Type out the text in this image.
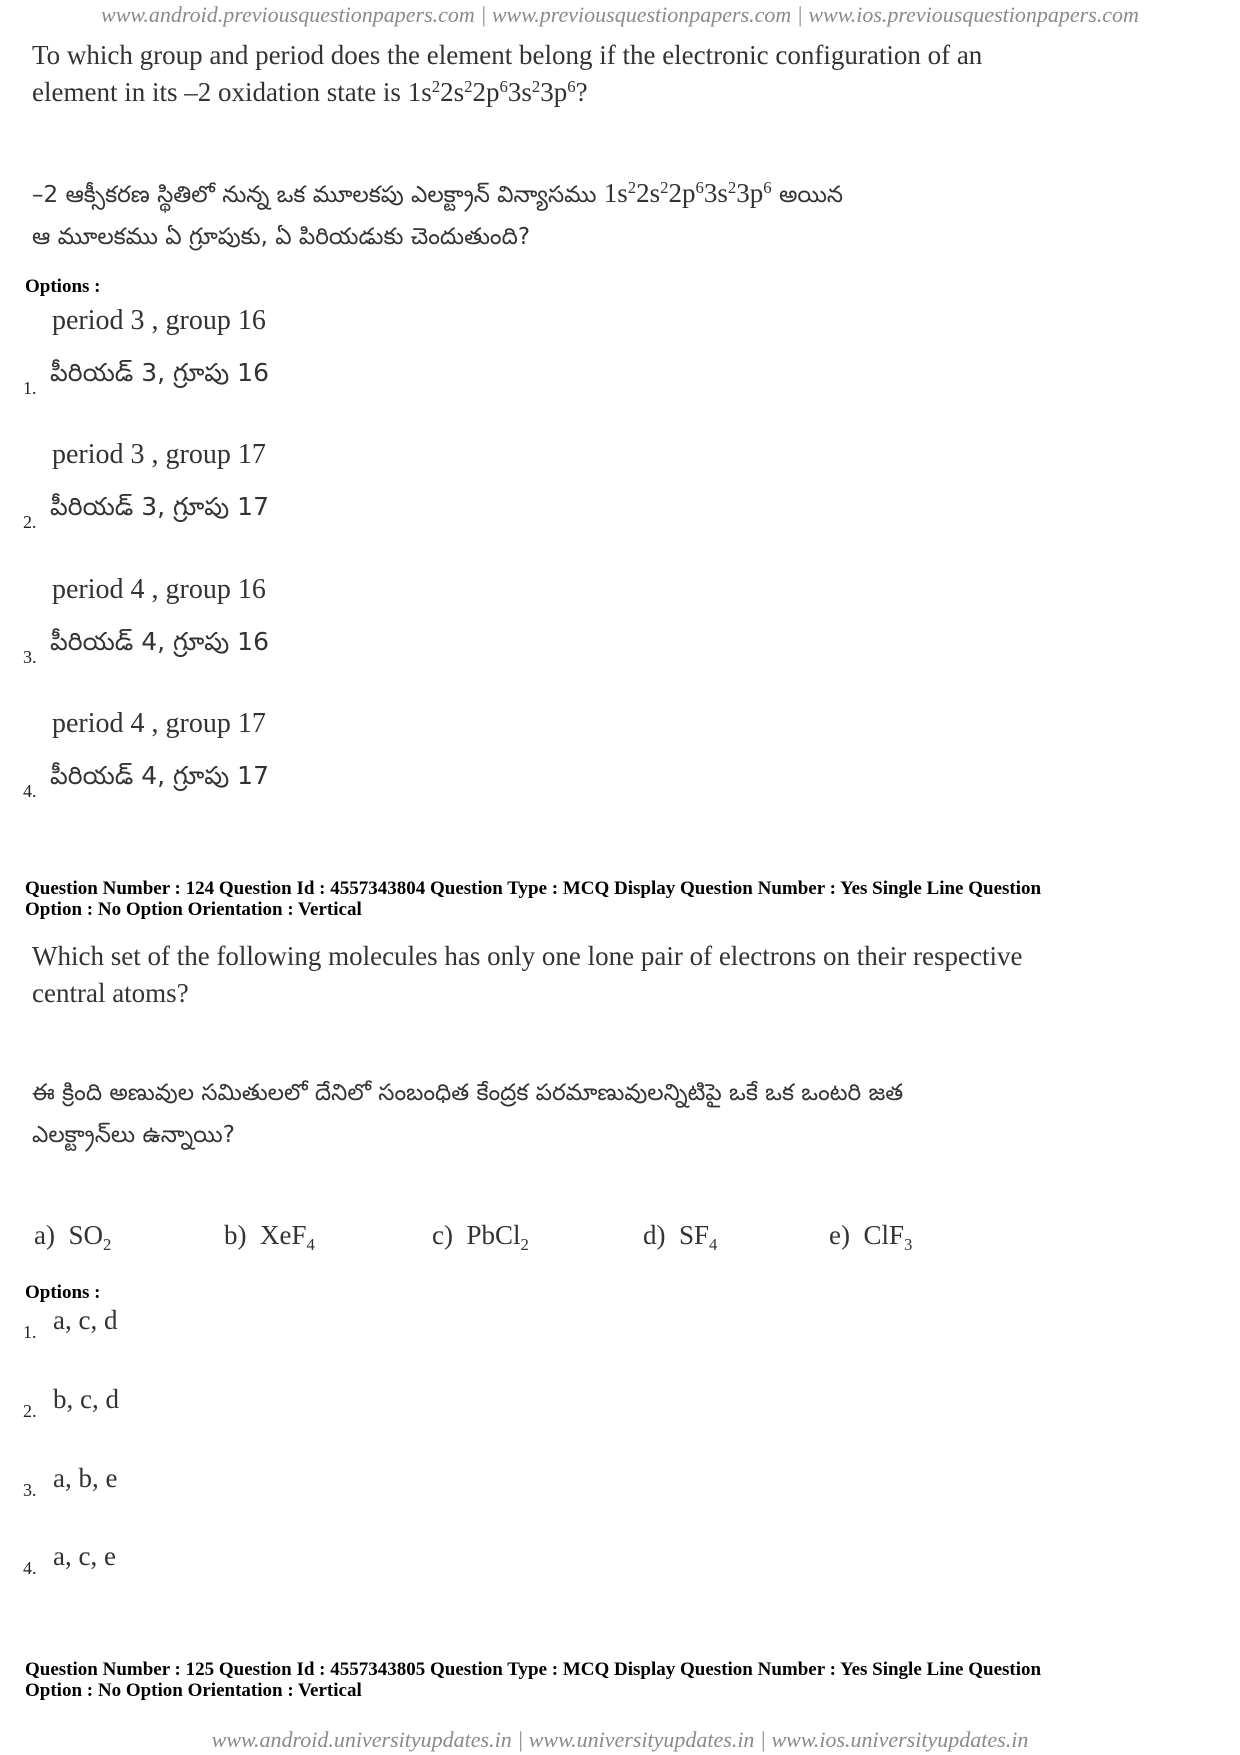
www.android.previousquestionpapers.com | www.previousquestionpapers.com | www.ios.previousquestionpapers.com
To which group and period does the element belong if the electronic configuration of an
element in its –2 oxidation state is $1s^22s^22p^63s^23p^6$?
–2 ఆక్సీకరణ స్థితిలో నున్న ఒక మూలకపు ఎలక్ట్రాన్ విన్యాసము $1s^22s^22p^63s^23p^6$ అయిన
ఆ మూలకము ఏ గ్రూపుకు, ఏ పిరియడుకు చెందుతుంది?
Options :
period 3 , group 16
పీరియడ్ 3, గ్రూపు 16
1.
period 3 , group 17
పీరియడ్ 3, గ్రూపు 17
2.
period 4 , group 16
పీరియడ్ 4, గ్రూపు 16
3.
period 4 , group 17
పీరియడ్ 4, గ్రూపు 17
4.
Question Number : 124 Question Id : 4557343804 Question Type : MCQ Display Question Number : Yes Single Line Question
Option : No Option Orientation : Vertical
Which set of the following molecules has only one lone pair of electrons on their respective
central atoms?
ఈ క్రింది అణువుల సమితులలో దేనిలో సంబంధిత కేంద్రక పరమాణువులన్నిటిపై ఒకే ఒక ఒంటరి జత
ఎలక్ట్రాన్‌లు ఉన్నాయి?
a) $SO_2$	b) XeF$_4$	c) PbCl$_2$	d) $SF_4$	e) ClF$_3$
Options :
1. a, c, d
2. b, c, d
3. a, b, e
4. a, c, e
Question Number : 125 Question Id : 4557343805 Question Type : MCQ Display Question Number : Yes Single Line Question
Option : No Option Orientation : Vertical
www.android.universityupdates.in | www.universityupdates.in | www.ios.universityupdates.in
